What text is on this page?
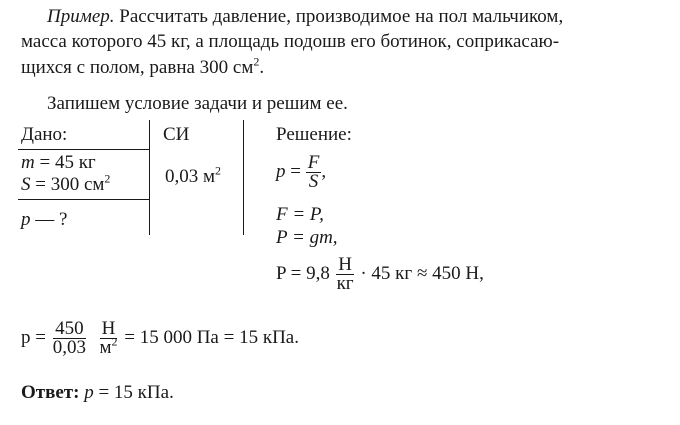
Пример. Рассчитать давление, производимое на пол мальчиком,
масса которого 45 кг, а площадь подошв его ботинок, соприкасаю-
щихся с полом, равна 300 $см^2$.
Запишем условие задачи и решим ее.
Дано:
m = 45 кг
S = 300 $см^2$
p — ?
СИ
0,03 $м^2$
Решение:
$p = \frac{F}{S}$ ,
F = P,
P = gm,
$P = 9,8 \frac{Н}{кг} \cdot 45$ кг ≈ 450 Н,
$p = \frac{450}{0,03}$
$\frac{Н}{м^2} = 15$ 000 Па = 15 кПа.
Ответ: p = 15 кПа.
